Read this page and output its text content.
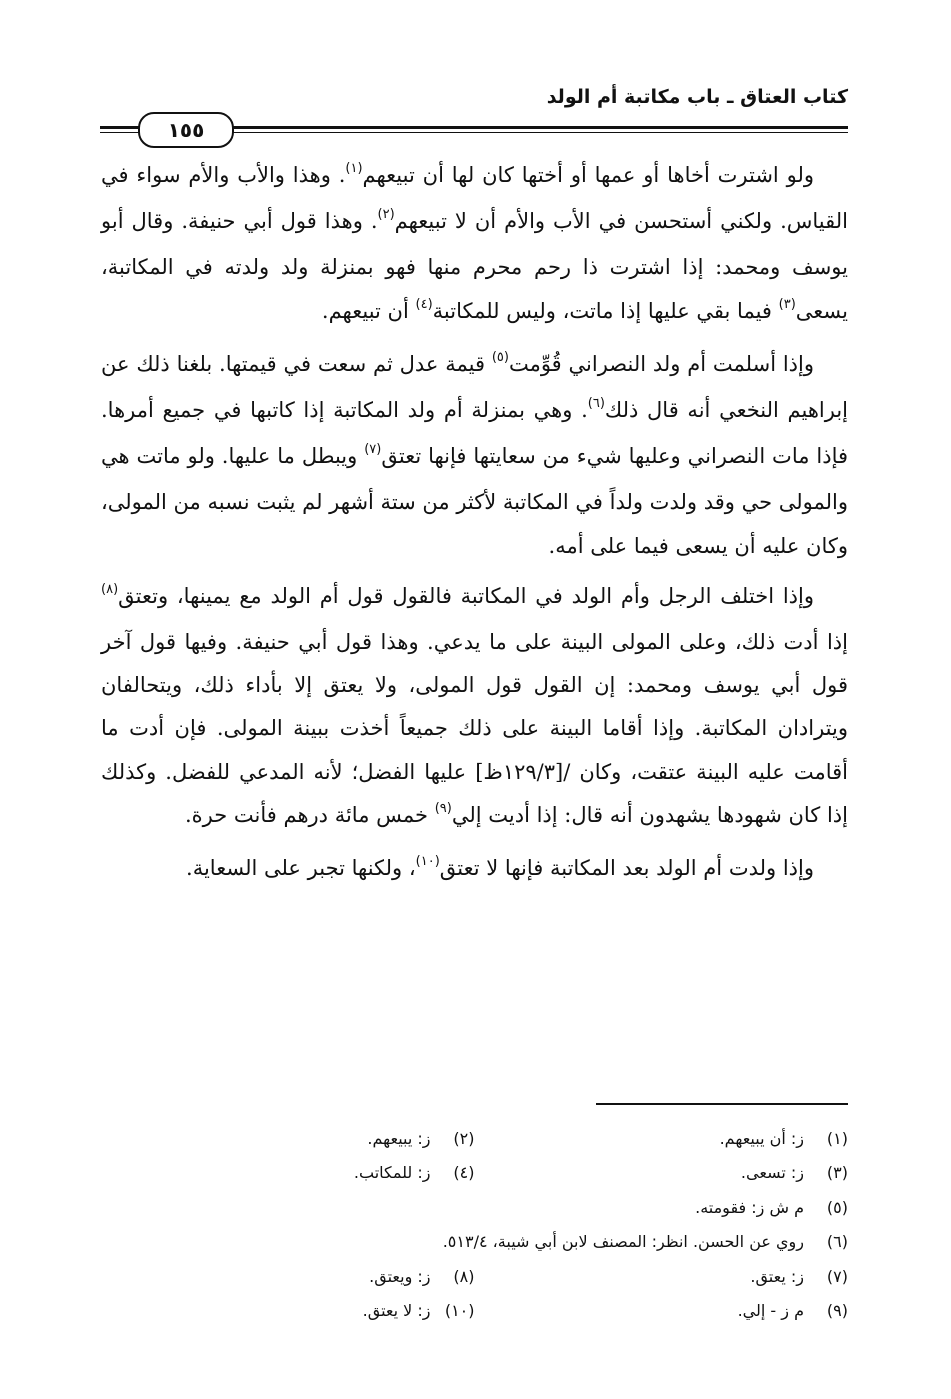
كتاب العتاق ـ باب مكاتبة أم الولد
١٥٥

ولو اشترت أخاها أو عمها أو أختها كان لها أن تبيعهم$^{(١)}$. وهذا والأب والأم سواء في القياس. ولكني أستحسن في الأب والأم أن لا تبيعهم$^{(٢)}$. وهذا قول أبي حنيفة. وقال أبو يوسف ومحمد: إذا اشترت ذا رحم محرم منها فهو بمنزلة ولد ولدته في المكاتبة، يسعى$^{(٣)}$ فيما بقي عليها إذا ماتت، وليس للمكاتبة$^{(٤)}$ أن تبيعهم.

وإذا أسلمت أم ولد النصراني قُوِّمت$^{(٥)}$ قيمة عدل ثم سعت في قيمتها. بلغنا ذلك عن إبراهيم النخعي أنه قال ذلك$^{(٦)}$. وهي بمنزلة أم ولد المكاتبة إذا كاتبها في جميع أمرها. فإذا مات النصراني وعليها شيء من سعايتها فإنها تعتق$^{(٧)}$ ويبطل ما عليها. ولو ماتت هي والمولى حي وقد ولدت ولداً في المكاتبة لأكثر من ستة أشهر لم يثبت نسبه من المولى، وكان عليه أن يسعى فيما على أمه.

وإذا اختلف الرجل وأم الولد في المكاتبة فالقول قول أم الولد مع يمينها، وتعتق$^{(٨)}$ إذا أدت ذلك، وعلى المولى البينة على ما يدعي. وهذا قول أبي حنيفة. وفيها قول آخر قول أبي يوسف ومحمد: إن القول قول المولى، ولا يعتق إلا بأداء ذلك، ويتحالفان ويترادان المكاتبة. وإذا أقاما البينة على ذلك جميعاً أخذت ببينة المولى. فإن أدت ما أقامت عليه البينة عتقت، وكان /[١٢٩/٣ظ] عليها الفضل؛ لأنه المدعي للفضل. وكذلك إذا كان شهودها يشهدون أنه قال: إذا أديت إلي$^{(٩)}$ خمس مائة درهم فأنت حرة.

وإذا ولدت أم الولد بعد المكاتبة فإنها لا تعتق$^{(١٠)}$، ولكنها تجبر على السعاية.

(١)ز: أن يبيعهم.
(٢)ز: يبيعهم.
(٣)ز: تسعى.
(٤)ز: للمكاتب.
(٥)م ش ز: فقومته.
(٦)روي عن الحسن. انظر: المصنف لابن أبي شيبة، ٥١٣/٤.
(٧)ز: يعتق.
(٨)ز: ويعتق.
(٩)م ز - إلي.
(١٠)ز: لا يعتق.
